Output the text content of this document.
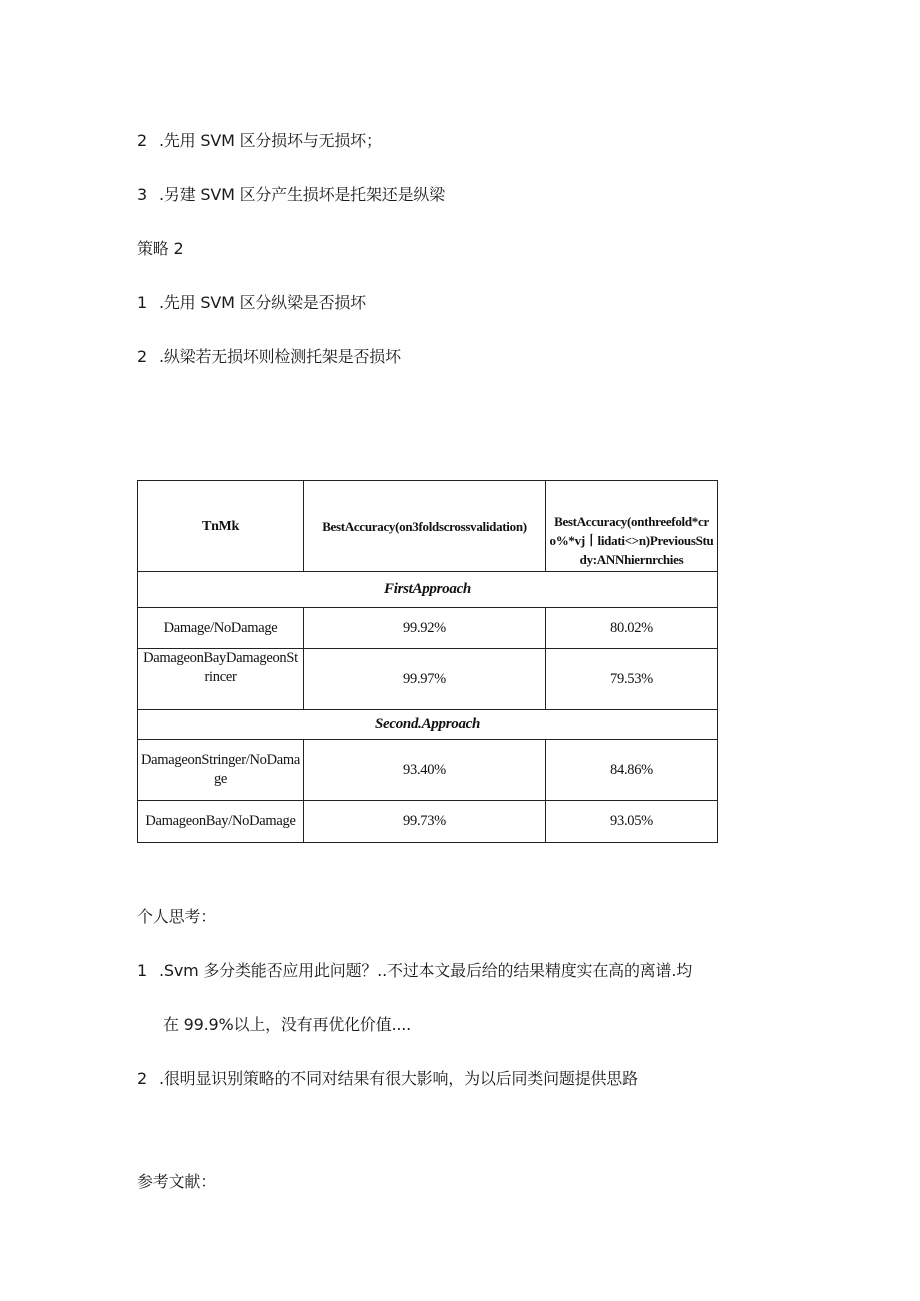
2 .先用 SVM 区分损坏与无损坏；
3 .另建 SVM 区分产生损坏是托架还是纵梁
策略 2
1 .先用 SVM 区分纵梁是否损坏
2 .纵梁若无损坏则检测托架是否损坏
TnMk	BestAccuracy(on3foldscrossvalidation)	BestAccuracy(onthreefold*cro%*vj丨lidati<>n)PreviousStudy:ANNhiernrchies
FirstApproach		
Damage/NoDamage	99.92%	80.02%
DamageonBayDamageonStrincer	99.97%	79.53%
Second.Approach		
DamageonStringer/NoDamage	93.40%	84.86%
DamageonBay/NoDamage	99.73%	93.05%
个人思考：
1 .Svm 多分类能否应用此问题？..不过本文最后给的结果精度实在高的离谱.均
在 99.9%以上，没有再优化价值....
2 .很明显识别策略的不同对结果有很大影响，为以后同类问题提供思路
参考文献：
